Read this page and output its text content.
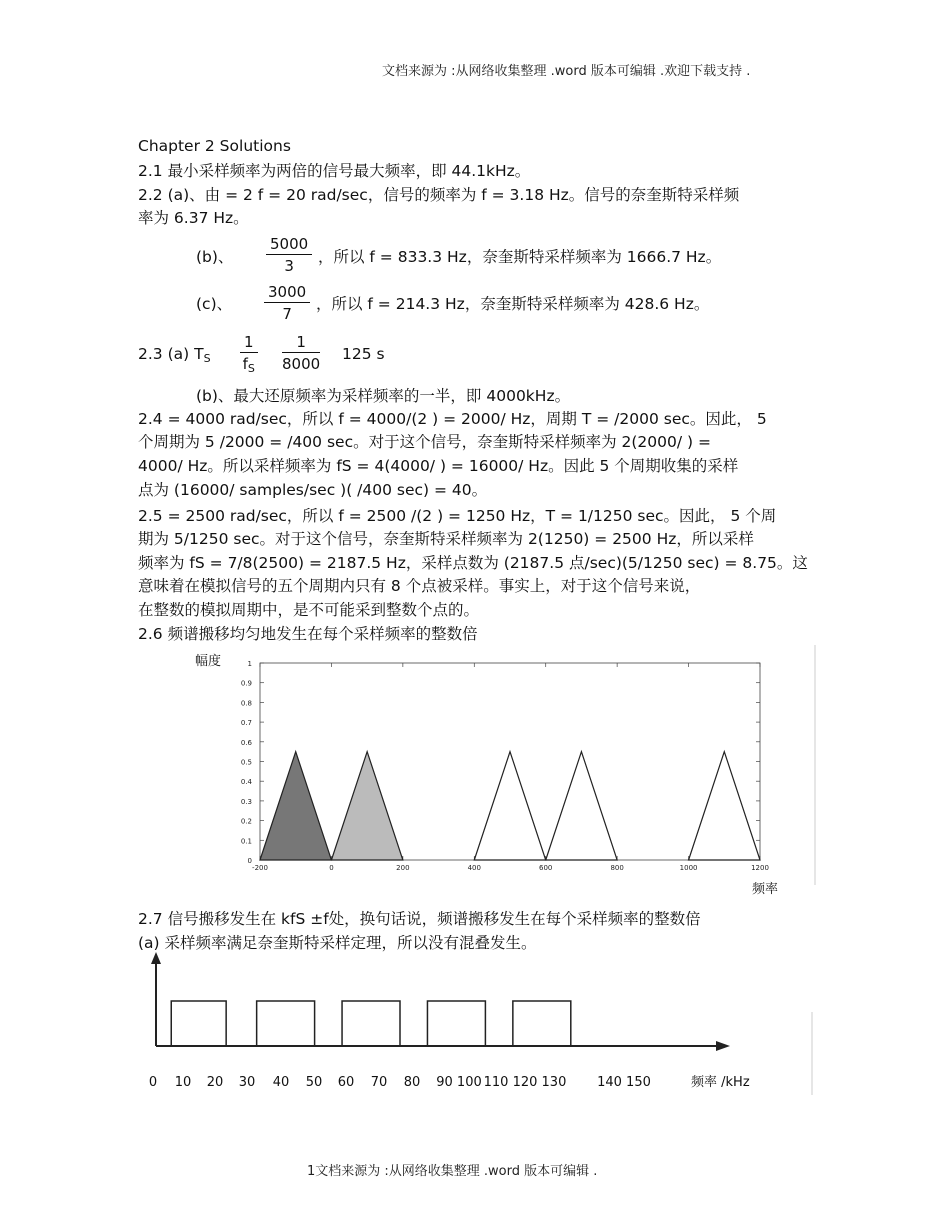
文档来源为 :从网络收集整理 .word 版本可编辑 .欢迎下载支持 .
Chapter 2 Solutions
2.1 最小采样频率为两倍的信号最大频率，即 44.1kHz。
2.2 (a)、由 = 2 f = 20 rad/sec，信号的频率为 f = 3.18 Hz。信号的奈奎斯特采样频
率为 6.37 Hz。
(b)、 $\frac{5000}{3}$ ，所以 f = 833.3 Hz，奈奎斯特采样频率为 1666.7 Hz。
(c)、 $\frac{3000}{7}$ ，所以 f = 214.3 Hz，奈奎斯特采样频率为 428.6 Hz。
2.3 (a) $T_S \frac{1}{f_S} \frac{1}{8000} 125$ s
(b)、最大还原频率为采样频率的一半，即 4000kHz。
2.4 = 4000 rad/sec，所以 f = 4000/(2 ) = 2000/ Hz，周期 T = /2000 sec。因此， 5
个周期为 5 /2000 = /400 sec。对于这个信号，奈奎斯特采样频率为 2(2000/ ) =
4000/ Hz。所以采样频率为 fS = 4(4000/ ) = 16000/ Hz。因此 5 个周期收集的采样
点为 (16000/ samples/sec )( /400 sec) = 40。
2.5 = 2500 rad/sec，所以 f = 2500 /(2 ) = 1250 Hz，T = 1/1250 sec。因此， 5 个周
期为 5/1250 sec。对于这个信号，奈奎斯特采样频率为 2(1250) = 2500 Hz，所以采样
频率为 fS = 7/8(2500) = 2187.5 Hz，采样点数为 (2187.5 点/sec)(5/1250 sec) = 8.75。这
意味着在模拟信号的五个周期内只有 8 个点被采样。事实上，对于这个信号来说，
在整数的模拟周期中，是不可能采到整数个点的。
2.6 频谱搬移均匀地发生在每个采样频率的整数倍
0
0.1
0.2
0.3
0.4
0.5
0.6
0.7
0.8
0.9
1
-200	0	200	400	600	800	1000	1200
幅度
频率
2.7 信号搬移发生在 kfS ±f处，换句话说，频谱搬移发生在每个采样频率的整数倍
(a) 采样频率满足奈奎斯特采样定理，所以没有混叠发生。
0 10 20 30 40 50 60 70 80 90 100 110 120 130 140 150	频率 /kHz
1文档来源为 :从网络收集整理 .word 版本可编辑 .
